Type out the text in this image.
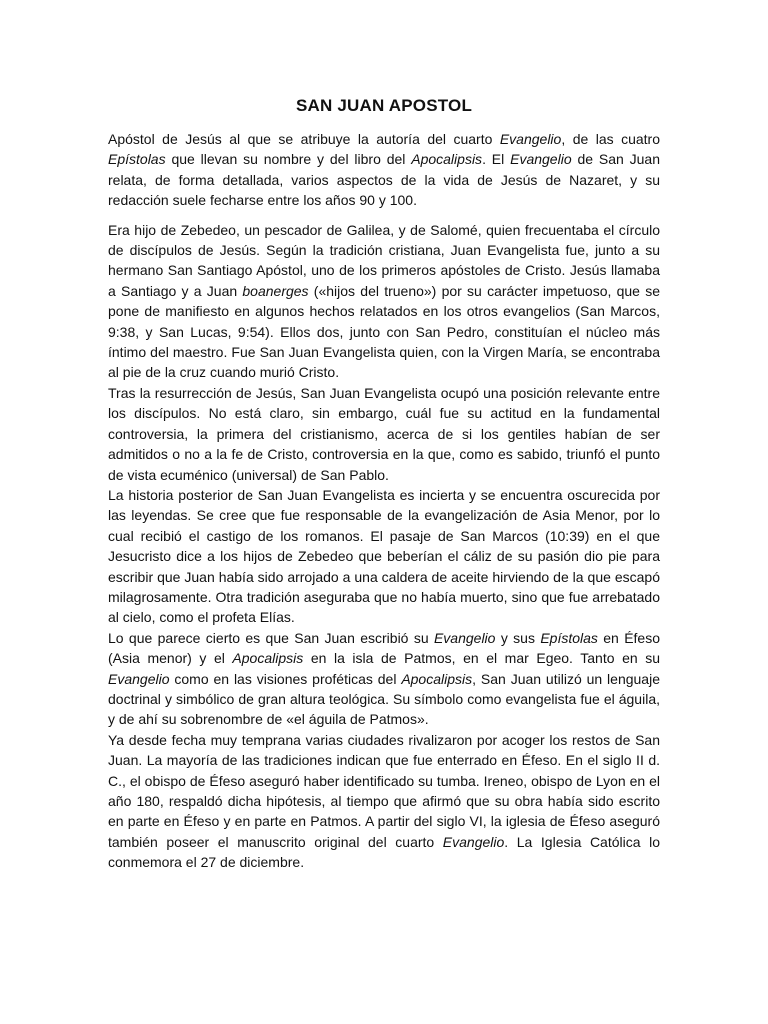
SAN JUAN APOSTOL

Apóstol de Jesús al que se atribuye la autoría del cuarto Evangelio, de las cuatro Epístolas que llevan su nombre y del libro del Apocalipsis. El Evangelio de San Juan relata, de forma detallada, varios aspectos de la vida de Jesús de Nazaret, y su redacción suele fecharse entre los años 90 y 100.

Era hijo de Zebedeo, un pescador de Galilea, y de Salomé, quien frecuentaba el círculo de discípulos de Jesús. Según la tradición cristiana, Juan Evangelista fue, junto a su hermano San Santiago Apóstol, uno de los primeros apóstoles de Cristo. Jesús llamaba a Santiago y a Juan boanerges («hijos del trueno») por su carácter impetuoso, que se pone de manifiesto en algunos hechos relatados en los otros evangelios (San Marcos, 9:38, y San Lucas, 9:54). Ellos dos, junto con San Pedro, constituían el núcleo más íntimo del maestro. Fue San Juan Evangelista quien, con la Virgen María, se encontraba al pie de la cruz cuando murió Cristo.

Tras la resurrección de Jesús, San Juan Evangelista ocupó una posición relevante entre los discípulos. No está claro, sin embargo, cuál fue su actitud en la fundamental controversia, la primera del cristianismo, acerca de si los gentiles habían de ser admitidos o no a la fe de Cristo, controversia en la que, como es sabido, triunfó el punto de vista ecuménico (universal) de San Pablo.

La historia posterior de San Juan Evangelista es incierta y se encuentra oscurecida por las leyendas. Se cree que fue responsable de la evangelización de Asia Menor, por lo cual recibió el castigo de los romanos. El pasaje de San Marcos (10:39) en el que Jesucristo dice a los hijos de Zebedeo que beberían el cáliz de su pasión dio pie para escribir que Juan había sido arrojado a una caldera de aceite hirviendo de la que escapó milagrosamente. Otra tradición aseguraba que no había muerto, sino que fue arrebatado al cielo, como el profeta Elías.

Lo que parece cierto es que San Juan escribió su Evangelio y sus Epístolas en Éfeso (Asia menor) y el Apocalipsis en la isla de Patmos, en el mar Egeo. Tanto en su Evangelio como en las visiones proféticas del Apocalipsis, San Juan utilizó un lenguaje doctrinal y simbólico de gran altura teológica. Su símbolo como evangelista fue el águila, y de ahí su sobrenombre de «el águila de Patmos».

Ya desde fecha muy temprana varias ciudades rivalizaron por acoger los restos de San Juan. La mayoría de las tradiciones indican que fue enterrado en Éfeso. En el siglo II d. C., el obispo de Éfeso aseguró haber identificado su tumba. Ireneo, obispo de Lyon en el año 180, respaldó dicha hipótesis, al tiempo que afirmó que su obra había sido escrito en parte en Éfeso y en parte en Patmos. A partir del siglo VI, la iglesia de Éfeso aseguró también poseer el manuscrito original del cuarto Evangelio. La Iglesia Católica lo conmemora el 27 de diciembre.
